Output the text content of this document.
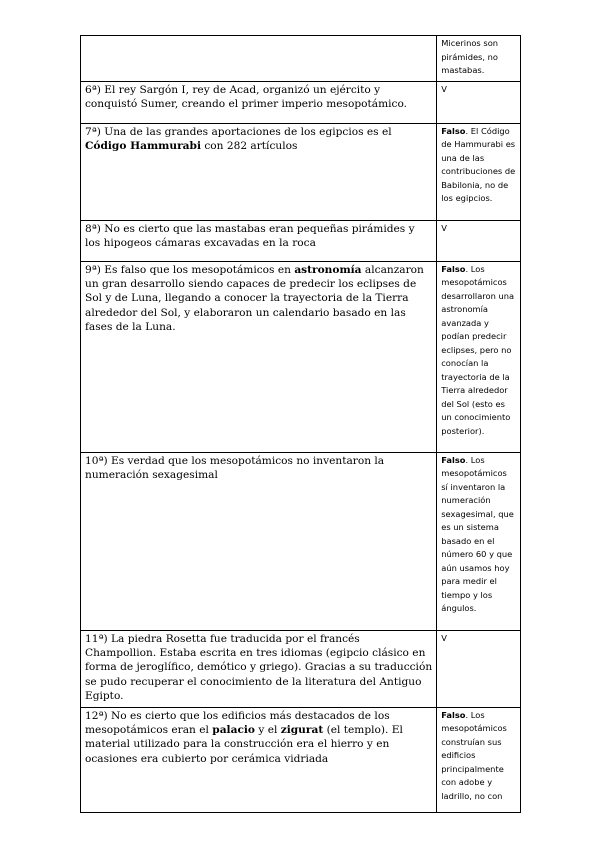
	Micerinos son pirámides, no mastabas.
6ª) El rey Sargón I, rey de Acad, organizó un ejército y conquistó Sumer, creando el primer imperio mesopotámico.	V
7ª) Una de las grandes aportaciones de los egipcios es el Código Hammurabi con 282 artículos	Falso. El Código de Hammurabi es una de las contribuciones de Babilonia, no de los egipcios.
8ª) No es cierto que las mastabas eran pequeñas pirámides y los hipogeos cámaras excavadas en la roca	V
9ª) Es falso que los mesopotámicos en astronomía alcanzaron un gran desarrollo siendo capaces de predecir los eclipses de Sol y de Luna, llegando a conocer la trayectoria de la Tierra alrededor del Sol, y elaboraron un calendario basado en las fases de la Luna.	Falso. Los mesopotámicos desarrollaron una astronomía avanzada y podían predecir eclipses, pero no conocían la trayectoria de la Tierra alrededor del Sol (esto es un conocimiento posterior).
10ª) Es verdad que los mesopotámicos no inventaron la numeración sexagesimal	Falso. Los mesopotámicos sí inventaron la numeración sexagesimal, que es un sistema basado en el número 60 y que aún usamos hoy para medir el tiempo y los ángulos.
11ª) La piedra Rosetta fue traducida por el francés Champollion. Estaba escrita en tres idiomas (egipcio clásico en forma de jeroglífico, demótico y griego). Gracias a su traducción se pudo recuperar el conocimiento de la literatura del Antiguo Egipto.	V
12ª) No es cierto que los edificios más destacados de los mesopotámicos eran el palacio y el zigurat (el templo). El material utilizado para la construcción era el hierro y en ocasiones era cubierto por cerámica vidriada	Falso. Los mesopotámicos construían sus edificios principalmente con adobe y ladrillo, no con
